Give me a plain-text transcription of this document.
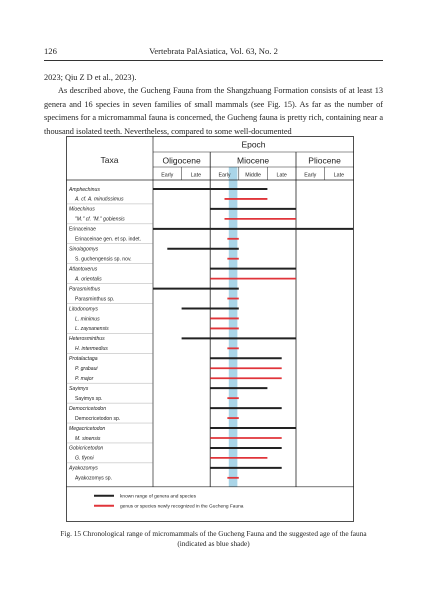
126	Vertebrata PalAsiatica, Vol. 63, No. 2

2023; Qiu Z D et al., 2023).

As described above, the Gucheng Fauna from the Shangzhuang Formation consists of at least 13 genera and 16 species in seven families of small mammals (see Fig. 15). As far as the number of specimens for a micromammal fauna is concerned, the Gucheng fauna is pretty rich, containing near a thousand isolated teeth. Nevertheless, compared to some well-documented

Taxa
Epoch
Oligocene	Miocene	Pliocene
Early	Late	Early	Middle	Late	Early	Late
Amphechinus
A. cf. A. minutissimus
Mioechinus
"M." cf. "M." gobiensis
Erinaceinae
Erinaceinae gen. et sp. indet.
Sinolagomys
S. guchengensis sp. nov.
Atlantoxerus
A. orientalis
Parasminthus
Parasminthus sp.
Litodonomys
L. minimus
L. zaysanensis
Heterosminthus
H. intermedius
Protalactaga
P. grabaui
P. major
Sayimys
Sayimys sp.
Democricetodon
Democricetodon sp.
Megacricetodon
M. sinensis
Gobicricetodon
G. flynni
Ayakozomys
Ayakozomys sp.
known range of genera and species
genus or species newly recognized in the Gucheng Fauna
Fig. 15 Chronological range of micromammals of the Gucheng Fauna and the suggested age of the fauna
(indicated as blue shade)
